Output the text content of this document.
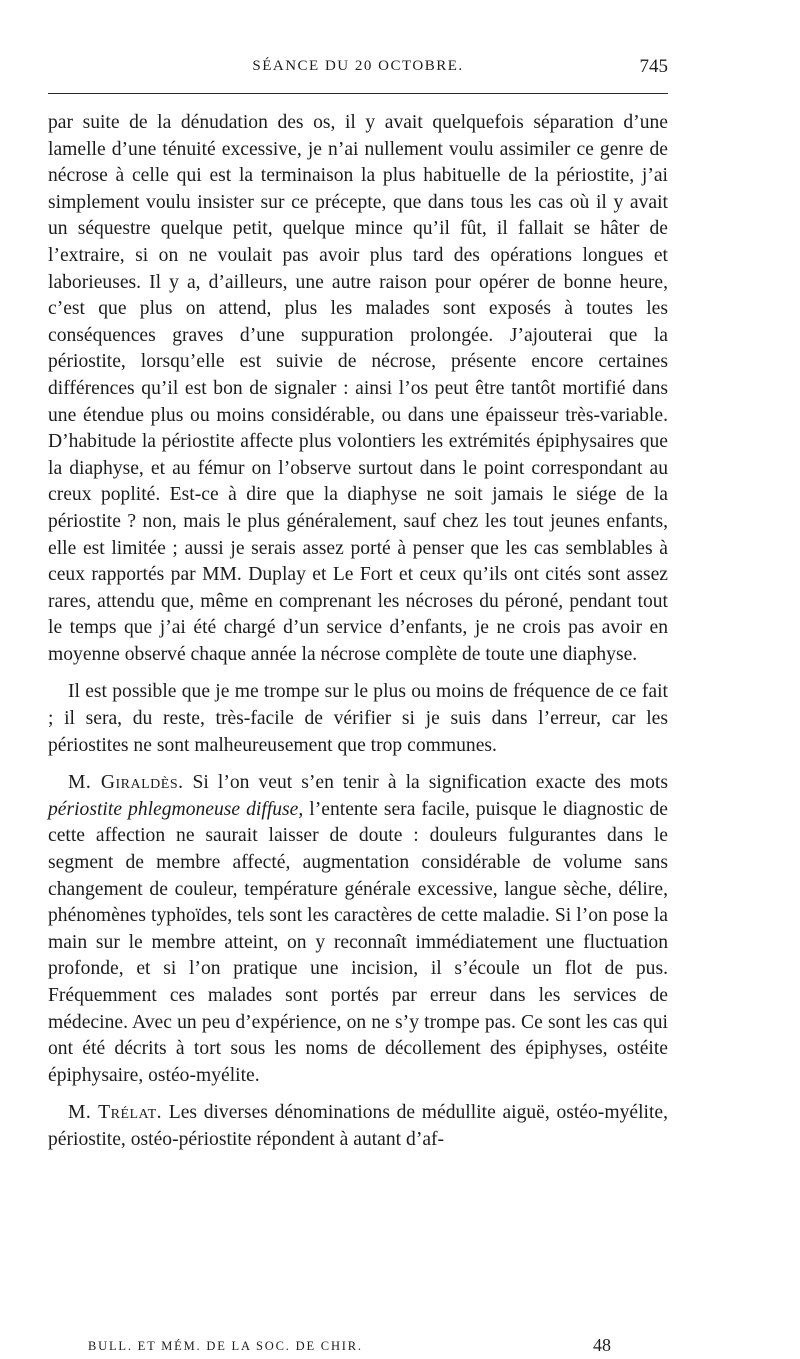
SÉANCE DU 20 OCTOBRE.	745

par suite de la dénudation des os, il y avait quelquefois séparation d’une lamelle d’une ténuité excessive, je n’ai nullement voulu assimiler ce genre de nécrose à celle qui est la terminaison la plus habituelle de la périostite, j’ai simplement voulu insister sur ce précepte, que dans tous les cas où il y avait un séquestre quelque petit, quelque mince qu’il fût, il fallait se hâter de l’extraire, si on ne voulait pas avoir plus tard des opérations longues et laborieuses. Il y a, d’ailleurs, une autre raison pour opérer de bonne heure, c’est que plus on attend, plus les malades sont exposés à toutes les conséquences graves d’une suppuration prolongée. J’ajouterai que la périostite, lorsqu’elle est suivie de nécrose, présente encore certaines différences qu’il est bon de signaler : ainsi l’os peut être tantôt mortifié dans une étendue plus ou moins considérable, ou dans une épaisseur très-variable. D’habitude la périostite affecte plus volontiers les extrémités épiphysaires que la diaphyse, et au fémur on l’observe surtout dans le point correspondant au creux poplité. Est-ce à dire que la diaphyse ne soit jamais le siége de la périostite ? non, mais le plus généralement, sauf chez les tout jeunes enfants, elle est limitée ; aussi je serais assez porté à penser que les cas semblables à ceux rapportés par MM. Duplay et Le Fort et ceux qu’ils ont cités sont assez rares, attendu que, même en comprenant les nécroses du péroné, pendant tout le temps que j’ai été chargé d’un service d’enfants, je ne crois pas avoir en moyenne observé chaque année la nécrose complète de toute une diaphyse.

Il est possible que je me trompe sur le plus ou moins de fréquence de ce fait ; il sera, du reste, très-facile de vérifier si je suis dans l’erreur, car les périostites ne sont malheureusement que trop communes.

M. Giraldès. Si l’on veut s’en tenir à la signification exacte des mots périostite phlegmoneuse diffuse, l’entente sera facile, puisque le diagnostic de cette affection ne saurait laisser de doute : douleurs fulgurantes dans le segment de membre affecté, augmentation considérable de volume sans changement de couleur, température générale excessive, langue sèche, délire, phénomènes typhoïdes, tels sont les caractères de cette maladie. Si l’on pose la main sur le membre atteint, on y reconnaît immédiatement une fluctuation profonde, et si l’on pratique une incision, il s’écoule un flot de pus. Fréquemment ces malades sont portés par erreur dans les services de médecine. Avec un peu d’expérience, on ne s’y trompe pas. Ce sont les cas qui ont été décrits à tort sous les noms de décollement des épiphyses, ostéite épiphysaire, ostéo-myélite.

M. Trélat. Les diverses dénominations de médullite aiguë, ostéo-myélite, périostite, ostéo-périostite répondent à autant d’af-

BULL. ET MÉM. DE LA SOC. DE CHIR.	48
